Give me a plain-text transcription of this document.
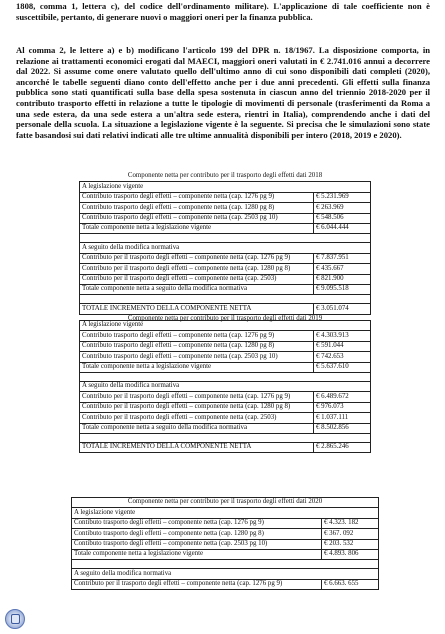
1808, comma 1, lettera c), del codice dell'ordinamento militare). L'applicazione di tale coefficiente non è suscettibile, pertanto, di generare nuovi o maggiori oneri per la finanza pubblica.

Al comma 2, le lettere a) e b) modificano l'articolo 199 del DPR n. 18/1967. La disposizione comporta, in relazione ai trattamenti economici erogati dal MAECI, maggiori oneri valutati in € 2.741.016 annui a decorrere dal 2022. Si assume come onere valutato quello dell'ultimo anno di cui sono disponibili dati completi (2020), ancorché le tabelle seguenti diano conto dell'effetto anche per i due anni precedenti. Gli effetti sulla finanza pubblica sono stati quantificati sulla base della spesa sostenuta in ciascun anno del triennio 2018-2020 per il contributo trasporto effetti in relazione a tutte le tipologie di movimenti di personale (trasferimenti da Roma a una sede estera, da una sede estera a un'altra sede estera, rientri in Italia), comprendendo anche i dati del personale della scuola. La situazione a legislazione vigente è la seguente. Si precisa che le simulazioni sono state fatte basandosi sui dati relativi indicati alle tre ultime annualità disponibili per intero (2018, 2019 e 2020).

Componente netta per contributo per il trasporto degli effetti dati 2018	
A legislazione vigente	
Contributo trasporto degli effetti – componente netta (cap. 1276 pg 9)	€ 5.231.969
Contributo trasporto degli effetti – componente netta (cap. 1280 pg 8)	€ 263.969
Contributo trasporto degli effetti – componente netta (cap. 2503 pg 10)	€ 548.506
Totale componente netta a legislazione vigente	€ 6.044.444

A seguito della modifica normativa	
Contributo per il trasporto degli effetti – componente netta (cap. 1276 pg 9)	€ 7.837.951
Contributo per il trasporto degli effetti – componente netta (cap. 1280 pg 8)	€ 435.667
Contributo per il trasporto degli effetti – componente netta (cap. 2503)	€ 821.900
Totale componente netta a seguito della modifica normativa	€ 9.095.518

TOTALE INCREMENTO DELLA COMPONENTE NETTA	€ 3.051.074
Componente netta per contributo per il trasporto degli effetti dati 2019	
A legislazione vigente	
Contributo trasporto degli effetti – componente netta (cap. 1276 pg 9)	€ 4.303.913
Contributo trasporto degli effetti – componente netta (cap. 1280 pg 8)	€ 591.044
Contributo trasporto degli effetti – componente netta (cap. 2503 pg 10)	€ 742.653
Totale componente netta a legislazione vigente	€ 5.637.610

A seguito della modifica normativa	
Contributo per il trasporto degli effetti – componente netta (cap. 1276 pg 9)	€ 6.489.672
Contributo per il trasporto degli effetti – componente netta (cap. 1280 pg 8)	€ 976.073
Contributo per il trasporto degli effetti – componente netta (cap. 2503)	€ 1.037.111
Totale componente netta a seguito della modifica normativa	€ 8.502.856

TOTALE INCREMENTO DELLA COMPONENTE NETTA	€ 2.865.246
Componente netta per contributo per il trasporto degli effetti dati 2020	
A legislazione vigente	
Contibuto trasporto degli effetti – componente netta (cap. 1276 pg 9)	€ 4.323. 182
Contibuto trasporto degli effetti – componente netta (cap. 1280 pg 8)	€ 367. 092
Contibuto trasporto degli effetti – componente netta (cap. 2503 pg 10)	€ 203. 532
Totale componente netta a legislazione vigente	€ 4.893. 806

A seguito della modifica normativa	
Contributo per il trasporto degli effetti – componente netta (cap. 1276 pg 9)	€ 6.663. 655
